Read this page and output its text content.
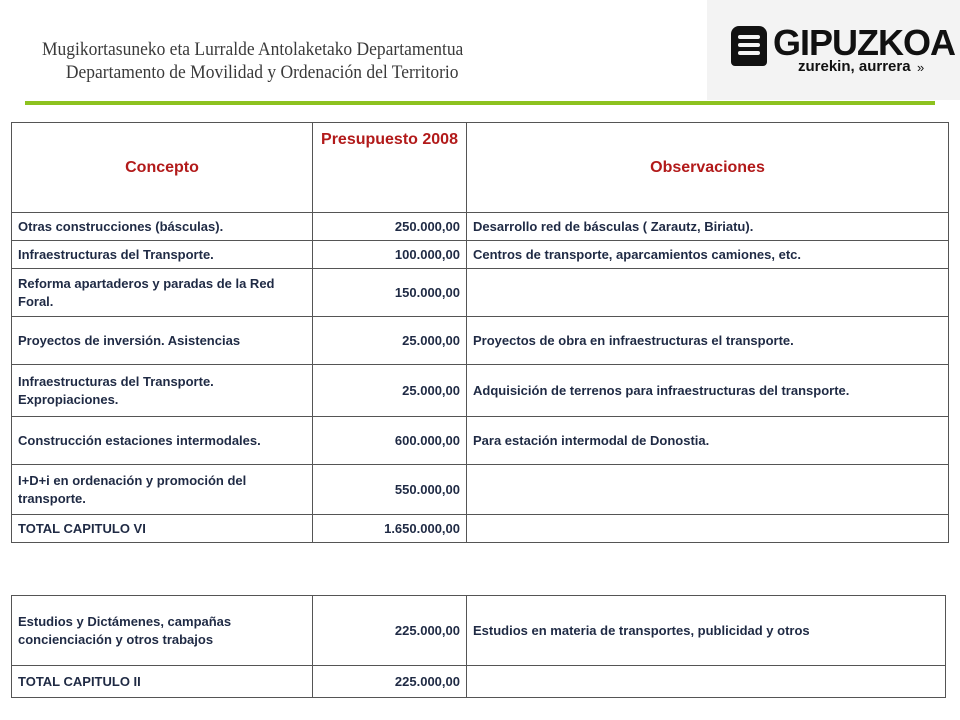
Mugikortasuneko eta Lurralde Antolaketako Departamentua
Departamento de Movilidad y Ordenación del Territorio
GIPUZKOA
zurekin, aurrera »
Concepto	Presupuesto 2008	Observaciones
Otras construcciones (básculas).	250.000,00	Desarrollo red de básculas ( Zarautz, Biriatu).
Infraestructuras del Transporte.	100.000,00	Centros de transporte, aparcamientos camiones, etc.
Reforma apartaderos y paradas de la Red Foral.	150.000,00	
Proyectos de inversión. Asistencias	25.000,00	Proyectos de obra en infraestructuras el transporte.
Infraestructuras del Transporte. Expropiaciones.	25.000,00	Adquisición de terrenos para infraestructuras del transporte.
Construcción estaciones intermodales.	600.000,00	Para estación intermodal de Donostia.
I+D+i en ordenación y promoción del transporte.	550.000,00	
TOTAL CAPITULO VI	1.650.000,00	
Estudios y Dictámenes, campañas concienciación y otros trabajos	225.000,00	Estudios en materia de transportes, publicidad y otros
TOTAL CAPITULO II	225.000,00	
